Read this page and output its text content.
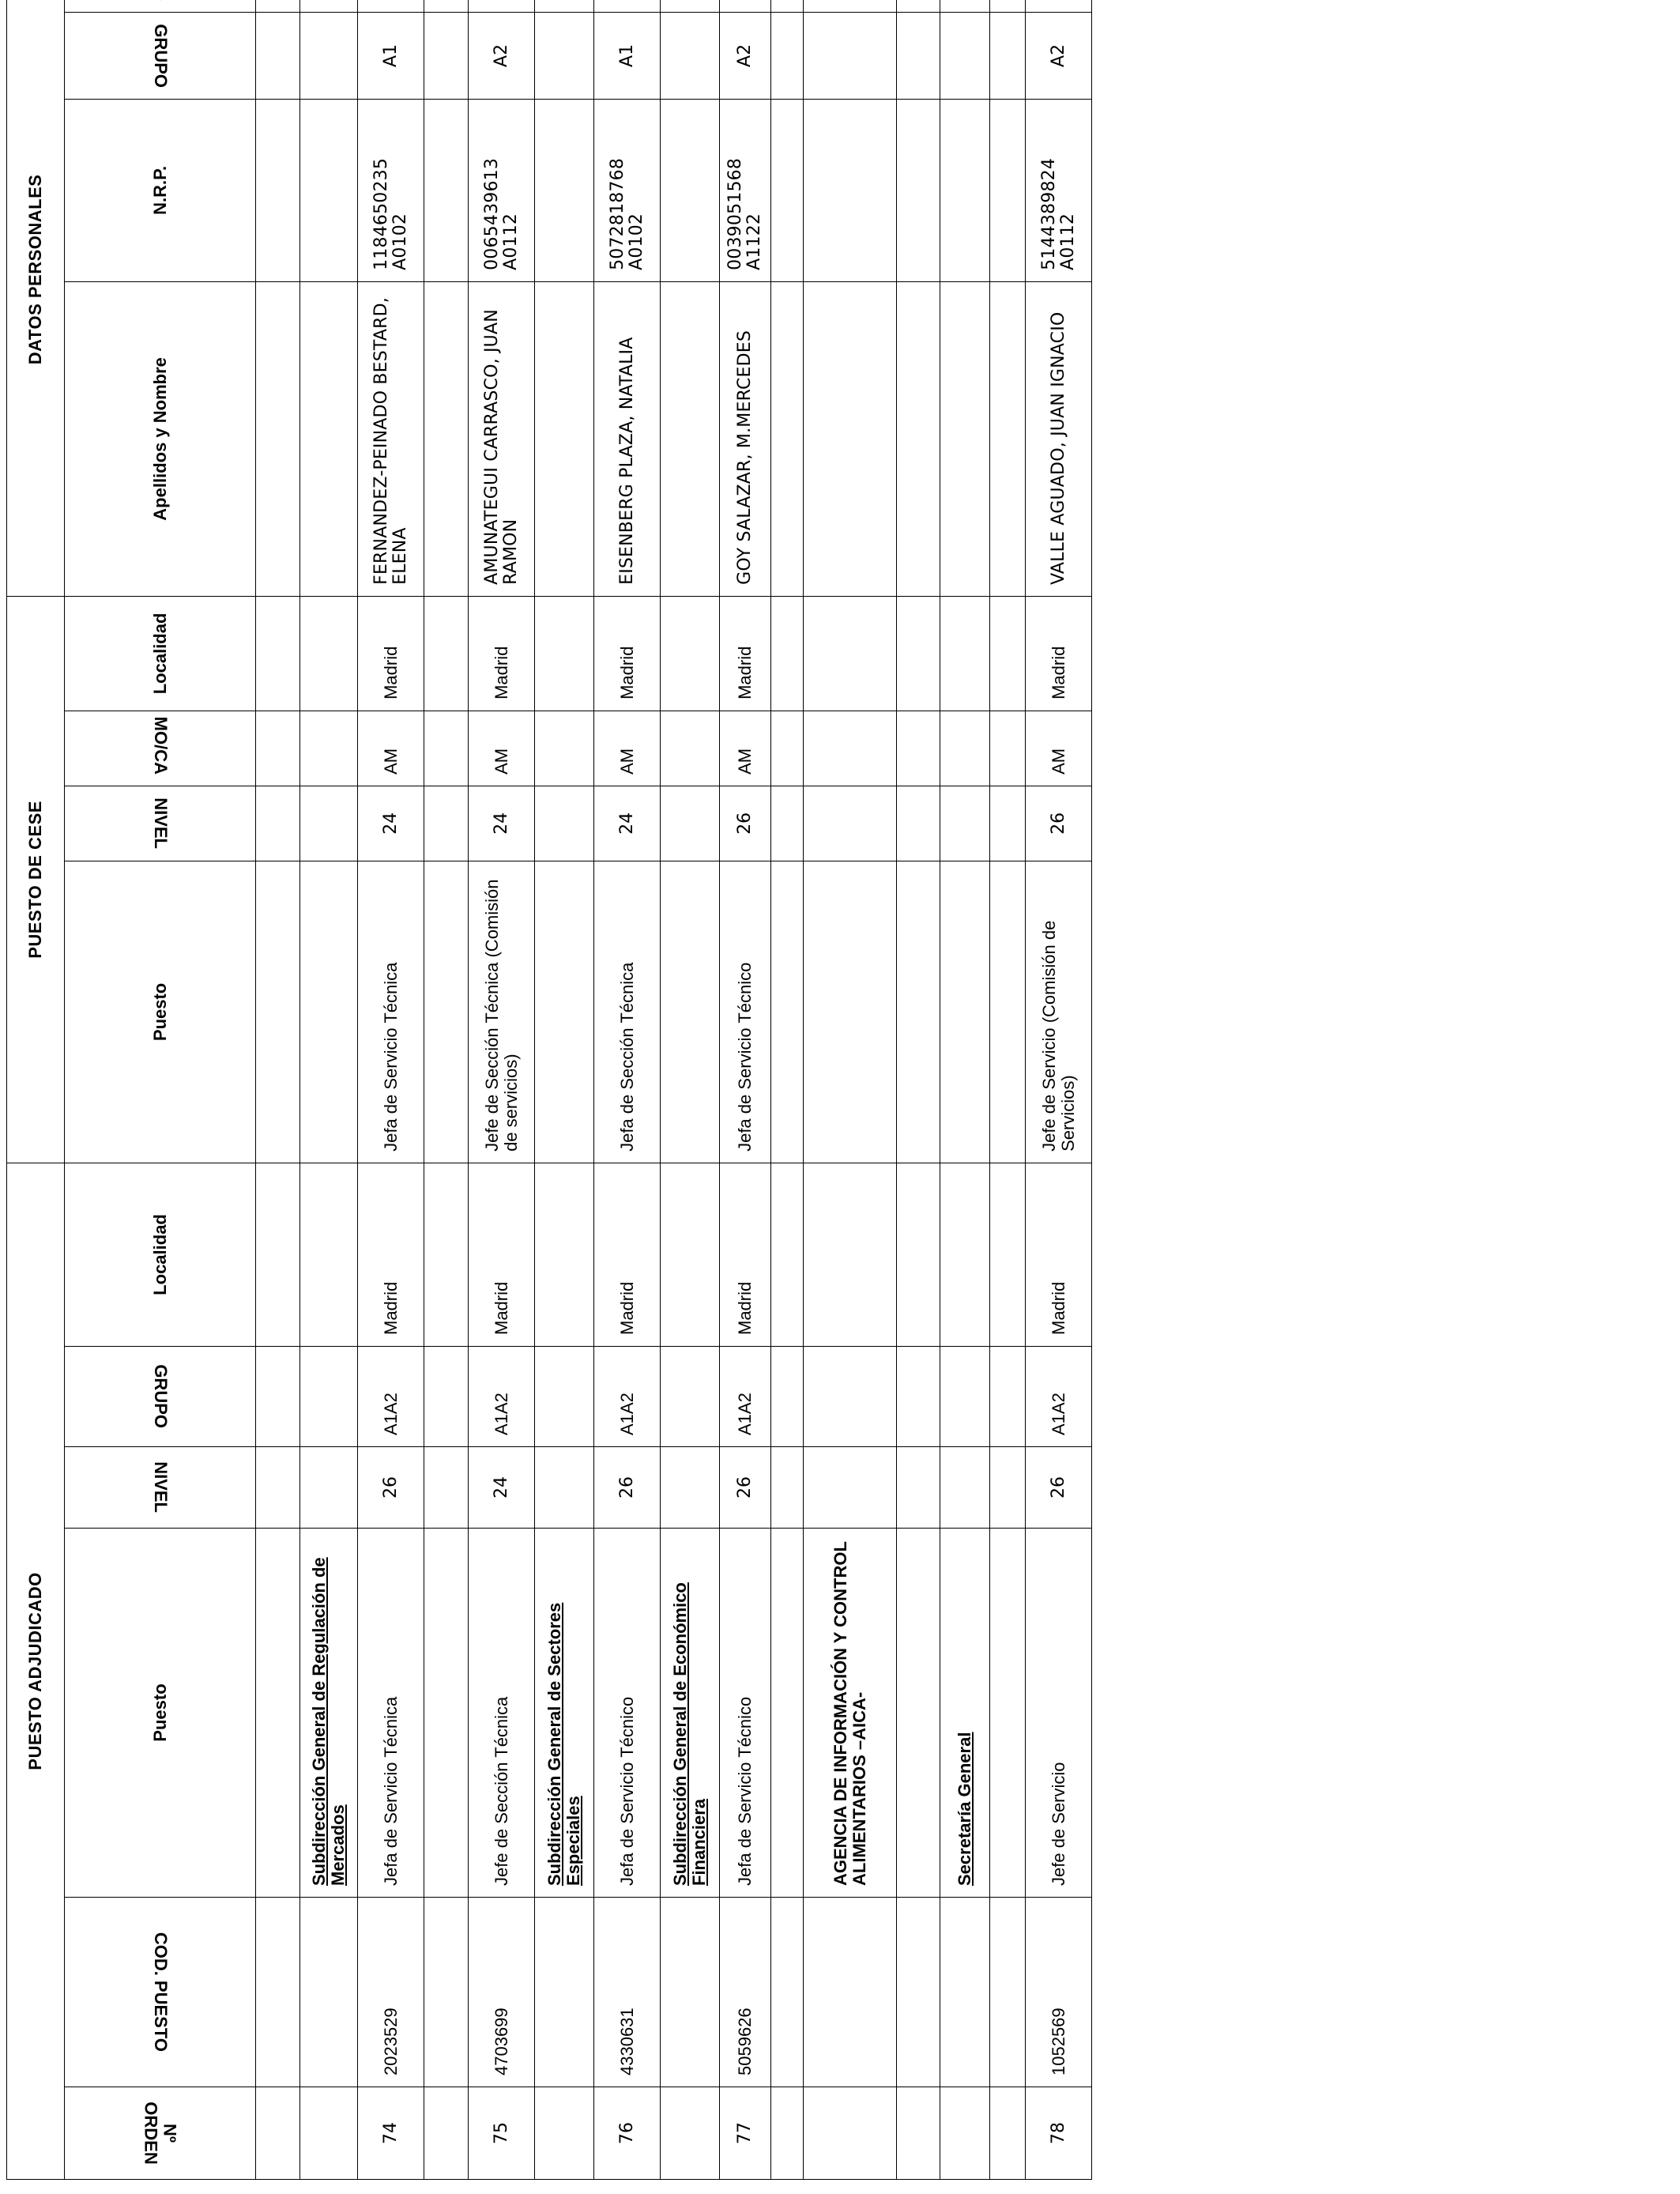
PUESTO ADJUDICADO						PUESTO DE CESE				DATOS PERSONALES			
Nº ORDEN	COD. PUESTO	Puesto	NIVEL	GRUPO	Localidad	Puesto	NIVEL	MO/CA	Localidad	Apellidos y Nombre	N.R.P.	GRUPO	

		Subdirección General de Regulación de Mercados											
74	2023529	Jefa de Servicio Técnica	26	A1A2	Madrid	Jefa de Servicio Técnica	24	AM	Madrid	FERNANDEZ-PEINADO BESTARD, ELENA	1184650235 A0102	A1	

75	4703699	Jefe de Sección Técnica	24	A1A2	Madrid	Jefe de Sección Técnica (Comisión de servicios)	24	AM	Madrid	AMUNATEGUI CARRASCO, JUAN RAMON	0065439613 A0112	A2	
		Subdirección General de Sectores Especiales											
76	4330631	Jefa de Servicio Técnico	26	A1A2	Madrid	Jefa de Sección Técnica	24	AM	Madrid	EISENBERG PLAZA, NATALIA	5072818768 A0102	A1	
		Subdirección General de Económico Financiera											
77	5059626	Jefa de Servicio Técnico	26	A1A2	Madrid	Jefa de Servicio Técnico	26	AM	Madrid	GOY SALAZAR, M.MERCEDES	0039051568 A1122	A2	

		AGENCIA DE INFORMACIÓN Y CONTROL ALIMENTARIOS –AICA-											

		Secretaría General											

78	1052569	Jefe de Servicio	26	A1A2	Madrid	Jefe de Servicio (Comisión de Servicios)	26	AM	Madrid	VALLE AGUADO, JUAN IGNACIO	5144389824 A0112	A2	
